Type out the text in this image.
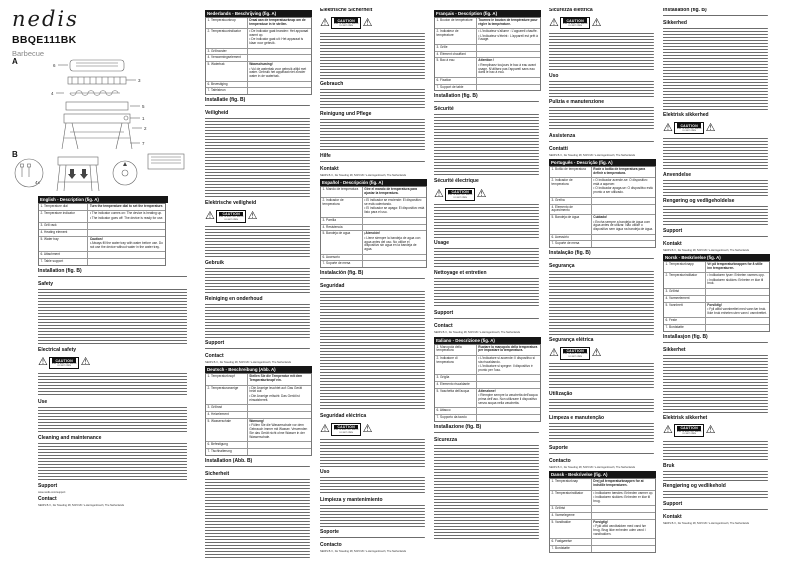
nedis
BBQE111BK
Barbecue
A	6
3
5
4
1
2
7
B
4x
English - Description (fig. A)
1. Temperature dial	Turn the temperature dial to set the temperature.
2. Temperature indicator	• The indicator comes on: The device is heating up.
• The indicator goes off: The device is ready for use.
3. Grill rack
4. Heating element
5. Water tray	Caution!
• Always fill the water tray with water before use. Do not use the device without water in the water tray.
6. Attachment
7. Table support
Installation (fig. B)
Safety
Electrical safety
⚠	CAUTION
RISK OF ELECTRIC SHOCK
DO NOT OPEN ⚠
Use
Cleaning and maintenance
Support
www.nedis.com/support
Contact
NEDIS B.V., De Tweeling 28, 5215 MC 's-Hertogenbosch, The Netherlands
Nederlands - Beschrijving (fig. A)
1. Temperatuurknop	Draai aan de temperatuurknop om de temperatuur in te stellen.
2. Temperatuurindicator	• De indicator gaat branden: Het apparaat warmt op.
• De indicator gaat uit: Het apparaat is klaar voor gebruik.
3. Grillrooster
4. Verwarmingselement
5. Waterbak	Waarschuwing!
• Vul de waterbak voor gebruik altijd met water. Gebruik het apparaat niet zonder water in de waterbak.
6. Bevestiging
7. Tafelsteun
Installatie (fig. B)
Veiligheid
Elektrische veiligheid
⚠	CAUTION
RISK OF ELECTRIC SHOCK
DO NOT OPEN ⚠
Gebruik
Reiniging en onderhoud
Support
Contact
NEDIS B.V., De Tweeling 28, 5215 MC 's-Hertogenbosch, The Netherlands
Deutsch - Beschreibung (Abb. A)
1. Temperaturknopf	Stellen Sie die Temperatur mit dem Temperaturknopf ein.
2. Temperaturanzeige	• Die Anzeige leuchtet auf: Das Gerät heizt auf.
• Die Anzeige erlischt: Das Gerät ist einsatzbereit.
3. Grillrost
4. Heizelement
5. Wasserschale	Warnung!
• Füllen Sie die Wasserschale vor dem Gebrauch immer mit Wasser. Verwenden Sie das Gerät nicht ohne Wasser in der Wasserschale.
6. Befestigung
7. Tischhalterung
Installation (Abb. B)
Sicherheit
Elektrische Sicherheit
⚠	CAUTION
RISK OF ELECTRIC SHOCK
DO NOT OPEN ⚠
Gebrauch
Reinigung und Pflege
Hilfe
Kontakt
NEDIS B.V., De Tweeling 28, 5215 MC 's-Hertogenbosch, The Netherlands
Español - Descripción (fig. A)
1. Mando de temperatura	Gire el mando de temperatura para ajustar la temperatura.
2. Indicador de temperatura
• El indicador se enciende: El dispositivo se está calentando.
• El indicador se apaga: El dispositivo está listo para el uso.
3. Parrilla
4. Resistencia
5. Bandeja de agua	¡Atención!
• Llene siempre la bandeja de agua con agua antes del uso. No utilice el dispositivo sin agua en la bandeja de agua.
6. Accesorio
7. Soporte de mesa
Instalación (fig. B)
Seguridad
Seguridad eléctrica
⚠	CAUTION
RISK OF ELECTRIC SHOCK
DO NOT OPEN ⚠
Uso
Limpieza y mantenimiento
Soporte
Contacto
NEDIS B.V., De Tweeling 28, 5215 MC 's-Hertogenbosch, The Netherlands
Français - Description (fig. A)
1. Bouton de température	Tournez le bouton de température pour régler la température.
2. Indicateur de température
• L'indicateur s'allume : L'appareil chauffe.
• L'indicateur s'éteint : L'appareil est prêt à l'usage.
3. Grille
4. Élément chauffant
5. Bac à eau	Attention !
• Remplissez toujours le bac à eau avant usage. N'utilisez pas l'appareil sans eau dans le bac à eau.
6. Fixation
7. Support de table
Installation (fig. B)
Sécurité
Sécurité électrique
⚠	CAUTION
RISK OF ELECTRIC SHOCK
DO NOT OPEN ⚠
Usage
Nettoyage et entretien
Support
Contact
NEDIS B.V., De Tweeling 28, 5215 MC 's-Hertogenbosch, The Netherlands
Italiano - Descrizione (fig. A)
1. Manopola della temperatura
Ruotare la manopola della temperatura per impostare la temperatura.
2. Indicatore di temperatura
• L'indicatore si accende: Il dispositivo si sta riscaldando.
• L'indicatore si spegne: Il dispositivo è pronto per l'uso.
3. Griglia
4. Elemento riscaldante
5. Vaschetta dell'acqua	Attenzione!
• Riempire sempre la vaschetta dell'acqua prima dell'uso. Non utilizzare il dispositivo senza acqua nella vaschetta.
6. Attacco
7. Supporto da tavolo
Installazione (fig. B)
Sicurezza
Sicurezza elettrica
⚠	CAUTION
RISK OF ELECTRIC SHOCK
DO NOT OPEN ⚠
Uso
Pulizia e manutenzione
Assistenza
Contatti
NEDIS B.V., De Tweeling 28, 5215 MC 's-Hertogenbosch, The Netherlands
Português - Descrição (fig. A)
1. Botão de temperatura	Rode o botão de temperatura para definir a temperatura.
2. Indicador de temperatura
• O indicador acende-se: O dispositivo está a aquecer.
• O indicador apaga-se: O dispositivo está pronto a ser utilizado.
3. Grelha
4. Elemento de aquecimento
5. Bandeja de água	Cuidado!
• Encha sempre a bandeja de água com água antes de utilizar. Não utilize o dispositivo sem água na bandeja de água.
6. Acessório
7. Suporte de mesa
Instalação (fig. B)
Segurança
Segurança elétrica
⚠	CAUTION
RISK OF ELECTRIC SHOCK
DO NOT OPEN ⚠
Utilização
Limpeza e manutenção
Suporte
Contacto
NEDIS B.V., De Tweeling 28, 5215 MC 's-Hertogenbosch, The Netherlands
Dansk - Beskrivelse (fig. A)
1. Temperaturknap	Drej på temperaturknappen for at indstille temperaturen.
2. Temperaturindikator	• Indikatoren tændes: Enheden varmer op.
• Indikatoren slukkes: Enheden er klar til brug.
3. Grillrist
4. Varmelegeme
5. Vandbakke	Forsigtig!
• Fyld altid vandbakken med vand før brug. Brug ikke enheden uden vand i vandbakken.
6. Fastgørelse
7. Bordstøtte
Installation (fig. B)
Sikkerhed
Elektrisk sikkerhed
⚠	CAUTION
RISK OF ELECTRIC SHOCK
DO NOT OPEN ⚠
Anvendelse
Rengøring og vedligeholdelse
Support
Kontakt
NEDIS B.V., De Tweeling 28, 5215 MC 's-Hertogenbosch, The Netherlands
Norsk - Beskrivelse (fig. A)
1. Temperaturknapp	Vri på temperaturknappen for å stille inn temperaturen.
2. Temperaturindikator	• Indikatoren lyser: Enheten varmes opp.
• Indikatoren slukkes: Enheten er klar til bruk.
3. Grillrist
4. Varmeelement
5. Vannbrett	Forsiktig!
• Fyll alltid vannbrettet med vann før bruk. Ikke bruk enheten uten vann i vannbrettet.
6. Feste
7. Bordstøtte
Installasjon (fig. B)
Sikkerhet
Elektrisk sikkerhet
⚠	CAUTION
RISK OF ELECTRIC SHOCK
DO NOT OPEN ⚠
Bruk
Rengjøring og vedlikehold
Support
Kontakt
NEDIS B.V., De Tweeling 28, 5215 MC 's-Hertogenbosch, The Netherlands
